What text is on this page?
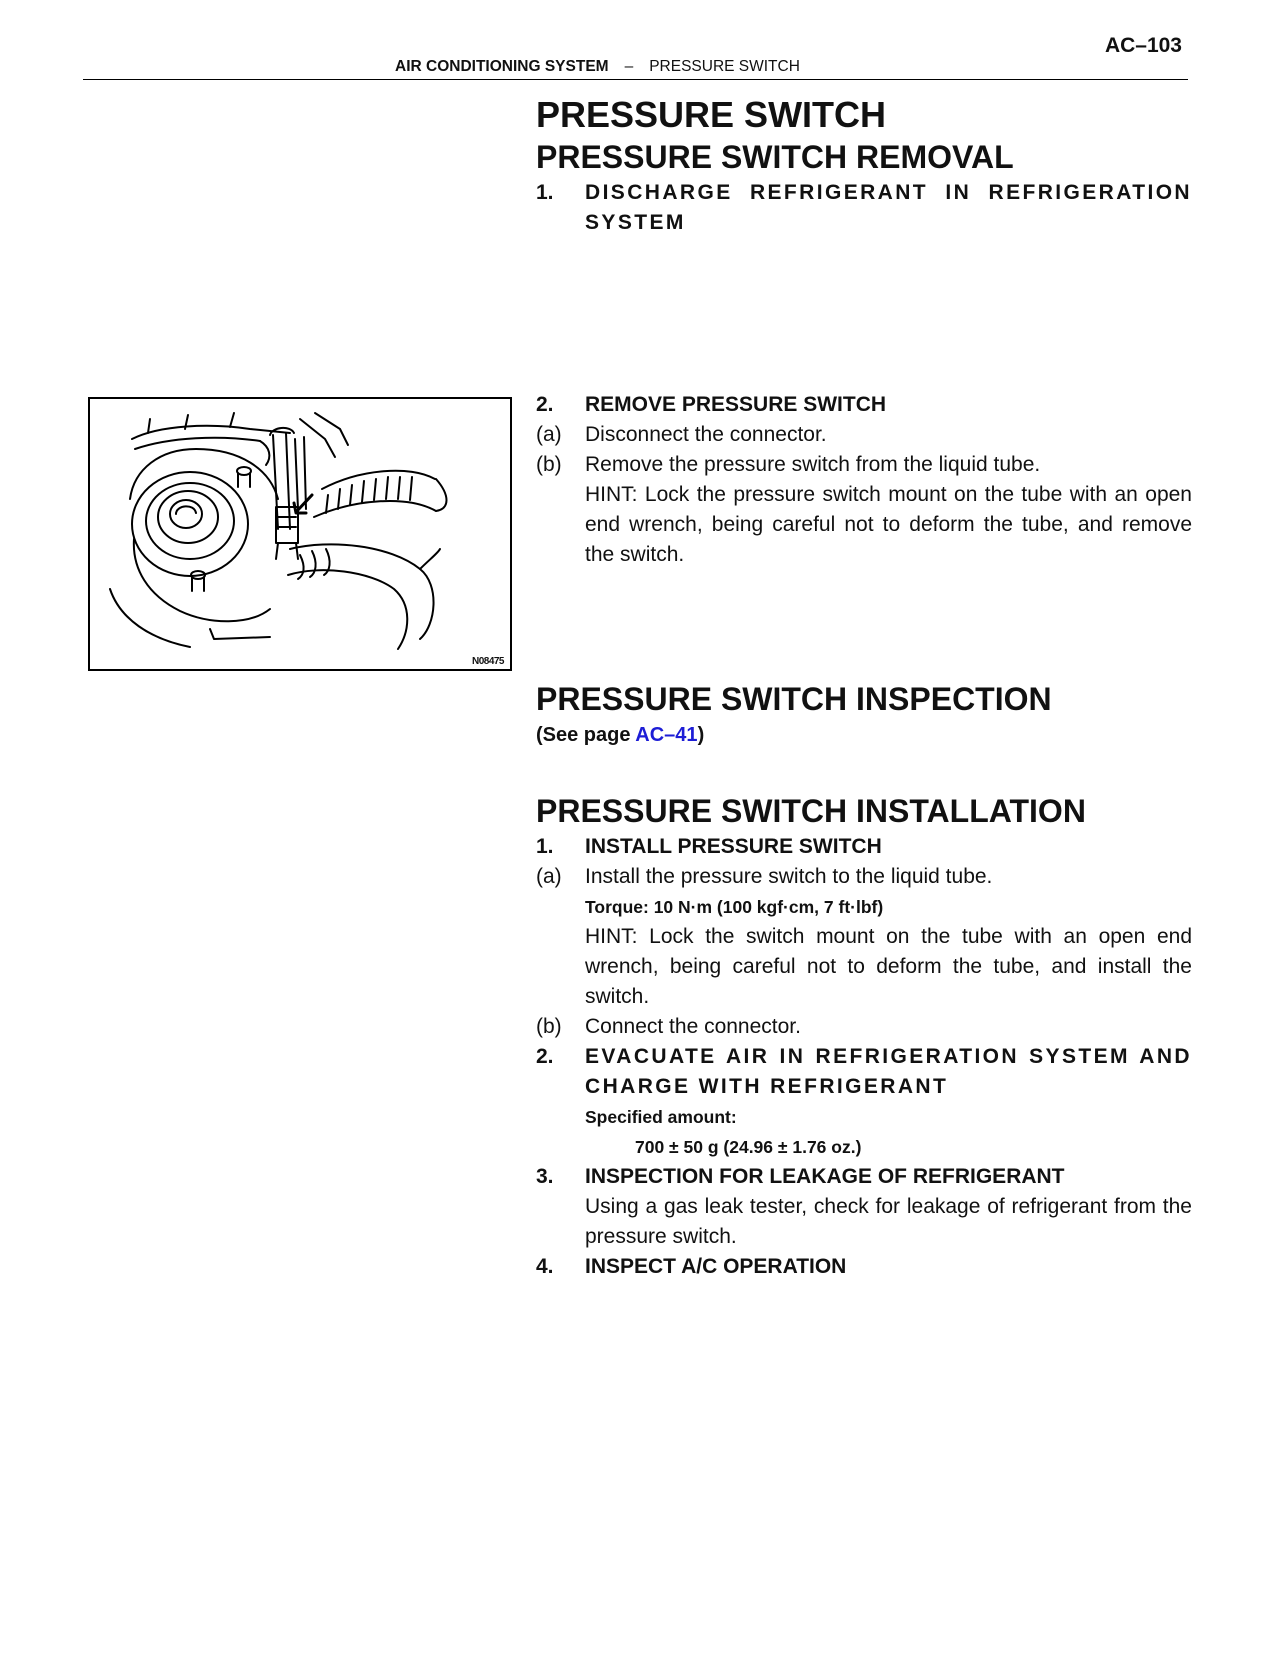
AC–103
AIR CONDITIONING SYSTEM – PRESSURE SWITCH
N08475
PRESSURE SWITCH
PRESSURE SWITCH REMOVAL
1.	DISCHARGE REFRIGERANT IN REFRIGERATION SYSTEM
2.	REMOVE PRESSURE SWITCH
(a)	Disconnect the connector.
(b)	Remove the pressure switch from the liquid tube.
HINT: Lock the pressure switch mount on the tube with an open end wrench, being careful not to deform the tube, and remove the switch.
PRESSURE SWITCH INSPECTION
(See page AC–41)
PRESSURE SWITCH INSTALLATION
1.	INSTALL PRESSURE SWITCH
(a)	Install the pressure switch to the liquid tube.
Torque: 10 N·m (100 kgf·cm, 7 ft·lbf)
HINT: Lock the switch mount on the tube with an open end wrench, being careful not to deform the tube, and install the switch.
(b)	Connect the connector.
2.	EVACUATE AIR IN REFRIGERATION SYSTEM AND CHARGE WITH REFRIGERANT
Specified amount:
700 ± 50 g (24.96 ± 1.76 oz.)
3.	INSPECTION FOR LEAKAGE OF REFRIGERANT
Using a gas leak tester, check for leakage of refrigerant from the pressure switch.
4.	INSPECT A/C OPERATION
